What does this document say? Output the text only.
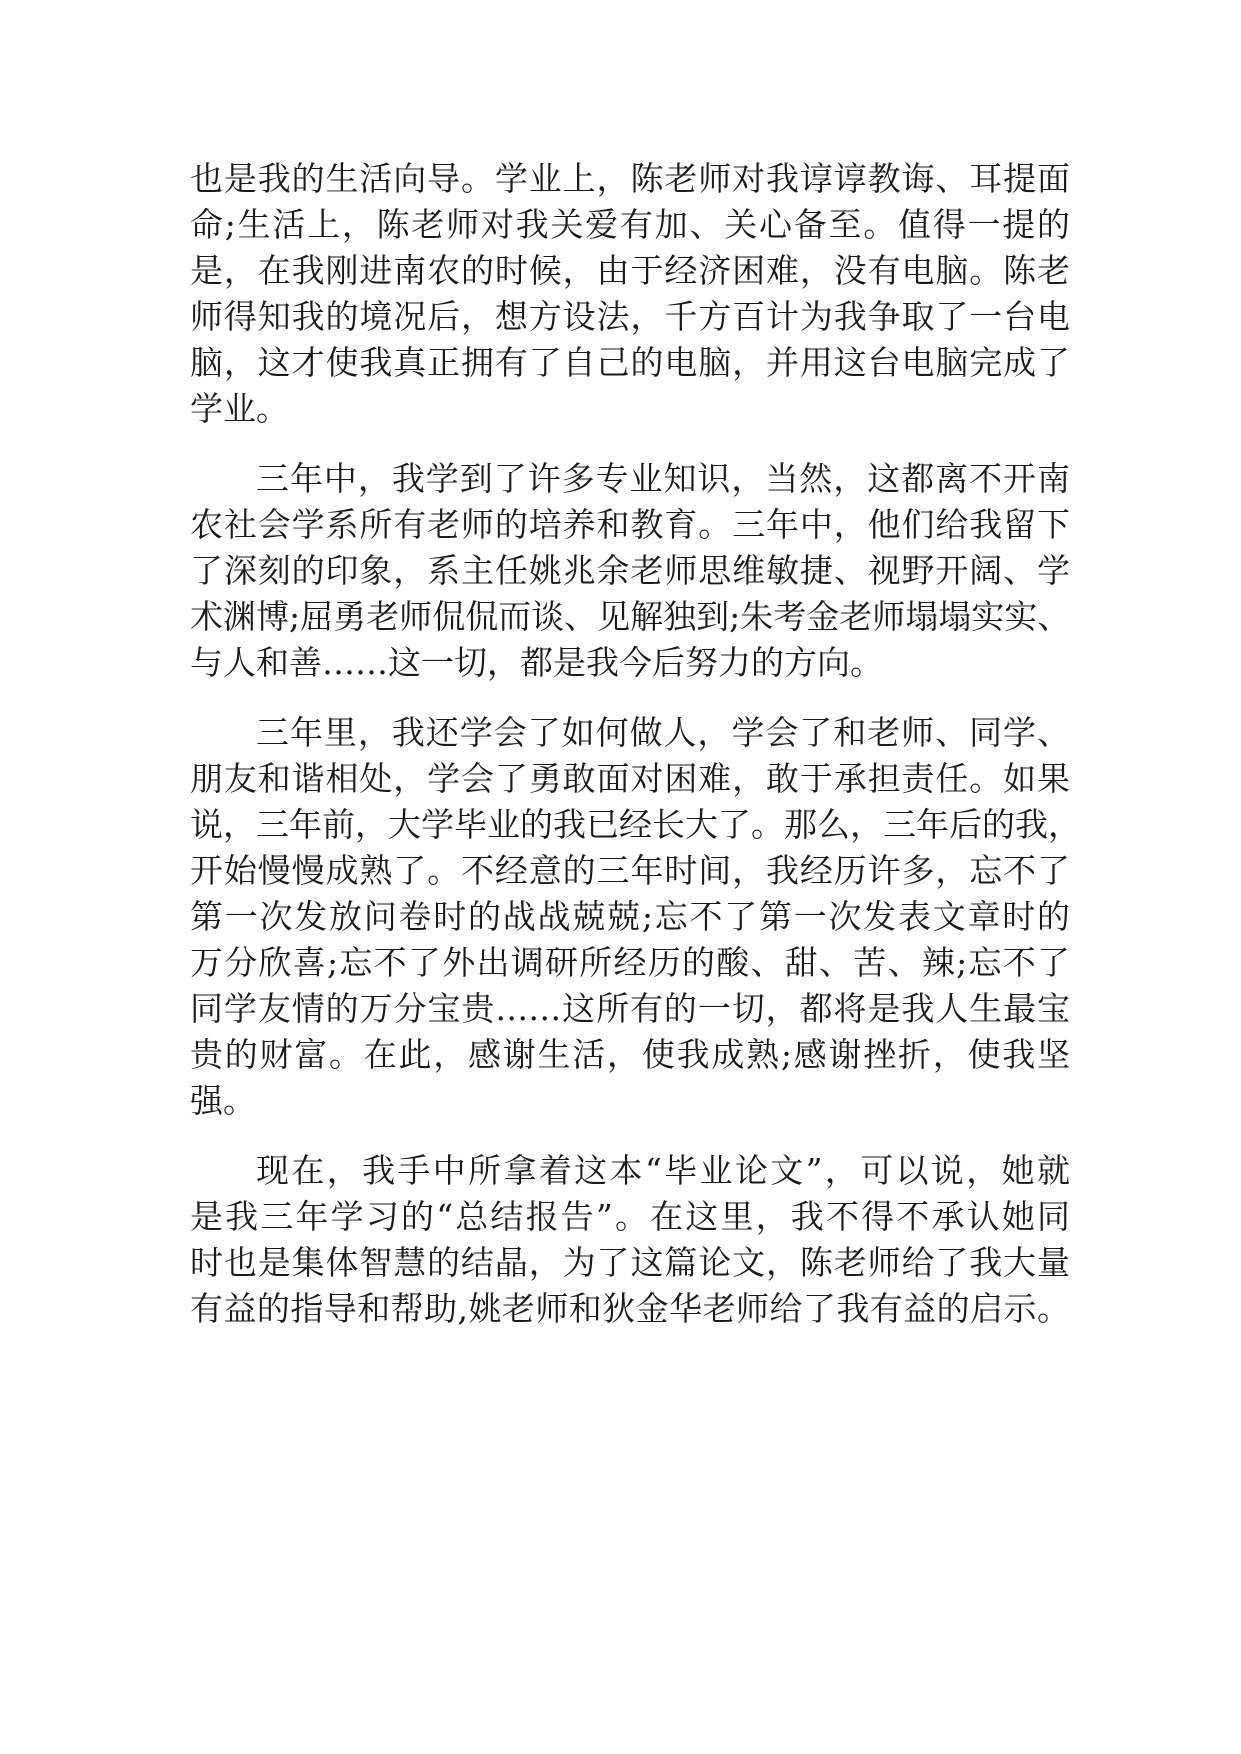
也是我的生活向导。学业上，陈老师对我谆谆教诲、耳提面
命;生活上，陈老师对我关爱有加、关心备至。值得一提的
是，在我刚进南农的时候，由于经济困难，没有电脑。陈老
师得知我的境况后，想方设法，千方百计为我争取了一台电
脑，这才使我真正拥有了自己的电脑，并用这台电脑完成了
学业。
三年中，我学到了许多专业知识，当然，这都离不开南
农社会学系所有老师的培养和教育。三年中，他们给我留下
了深刻的印象，系主任姚兆余老师思维敏捷、视野开阔、学
术渊博;屈勇老师侃侃而谈、见解独到;朱考金老师塌塌实实、
与人和善……这一切，都是我今后努力的方向。
三年里，我还学会了如何做人，学会了和老师、同学、
朋友和谐相处，学会了勇敢面对困难，敢于承担责任。如果
说，三年前，大学毕业的我已经长大了。那么，三年后的我，
开始慢慢成熟了。不经意的三年时间，我经历许多，忘不了
第一次发放问卷时的战战兢兢;忘不了第一次发表文章时的
万分欣喜;忘不了外出调研所经历的酸、甜、苦、辣;忘不了
同学友情的万分宝贵……这所有的一切，都将是我人生最宝
贵的财富。在此，感谢生活，使我成熟;感谢挫折，使我坚
强。
现在，我手中所拿着这本“毕业论文”，可以说，她就
是我三年学习的“总结报告”。在这里，我不得不承认她同
时也是集体智慧的结晶，为了这篇论文，陈老师给了我大量
有益的指导和帮助,姚老师和狄金华老师给了我有益的启示。
